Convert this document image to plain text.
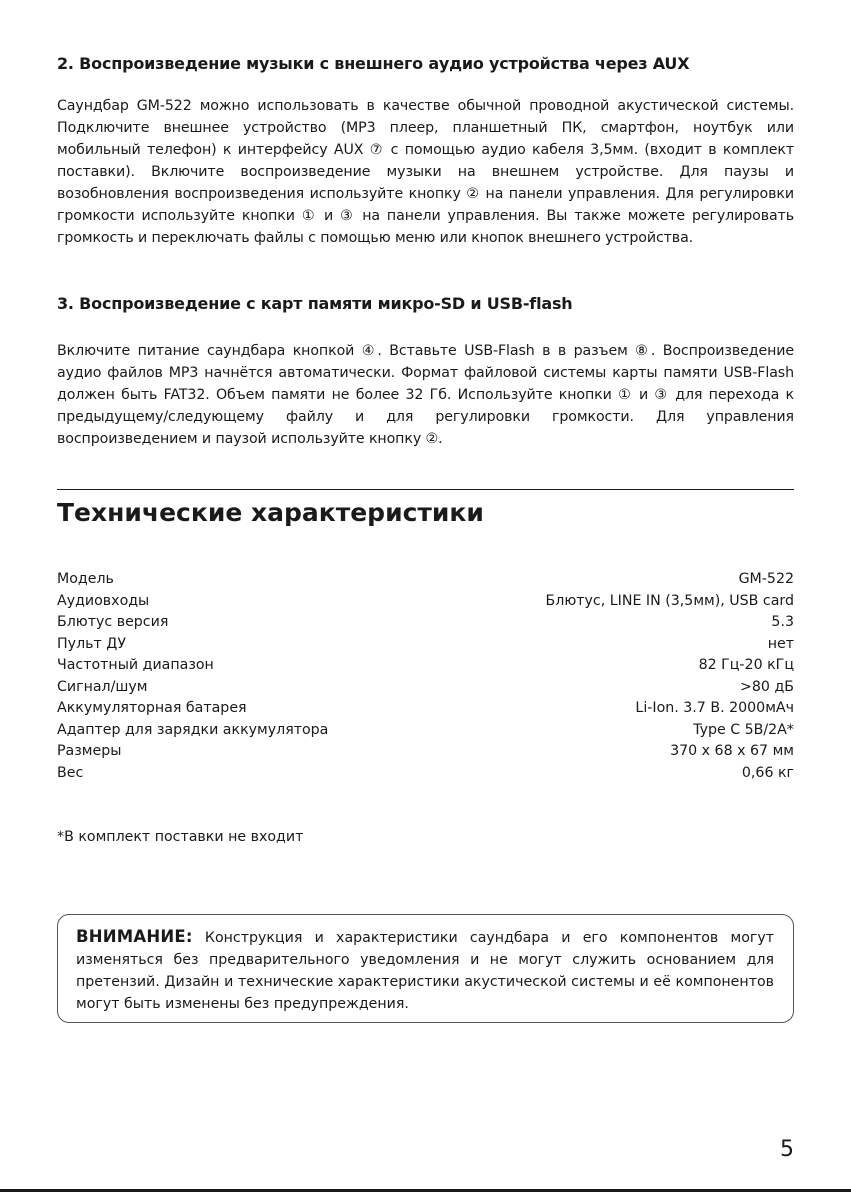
2. Воспроизведение музыки с внешнего аудио устройства через AUX
Саундбар GM-522 можно использовать в качестве обычной проводной акустической системы. Подключите внешнее устройство (MP3 плеер, планшетный ПК, смартфон, ноутбук или мобильный телефон) к интерфейсу AUX ⑦ с помощью аудио кабеля 3,5мм. (входит в комплект поставки). Включите воспроизведение музыки на внешнем устройстве. Для паузы и возобновления воспроизведения используйте кнопку ② на панели управления. Для регулировки громкости используйте кнопки ① и ③ на панели управления. Вы также можете регулировать громкость и переключать файлы с помощью меню или кнопок внешнего устройства.
3. Воспроизведение с карт памяти микро-SD и USB-flash
Включите питание саундбара кнопкой ④. Вставьте USB-Flash в в разъем ⑧. Воспроизведение аудио файлов MP3 начнётся автоматически. Формат файловой системы карты памяти USB-Flash должен быть FAT32. Объем памяти не более 32 Гб. Используйте кнопки ① и ③ для перехода к предыдущему/следующему файлу и для регулировки громкости. Для управления воспроизведением и паузой используйте кнопку ②.
Технические характеристики
Модель	GM-522
Аудиовходы	Блютус, LINE IN (3,5мм), USB card
Блютус версия	5.3
Пульт ДУ	нет
Частотный диапазон	82 Гц-20 кГц
Сигнал/шум	>80 дБ
Аккумуляторная батарея	Li-Ion. 3.7 В. 2000мАч
Адаптер для зарядки аккумулятора	Type C 5В/2А*
Размеры	370 х 68 х 67 мм
Вес	0,66 кг
*В комплект поставки не входит
ВНИМАНИЕ: Конструкция и характеристики саундбара и его компонентов могут изменяться без предварительного уведомления и не могут служить основанием для претензий. Дизайн и технические характеристики акустической системы и её компонентов могут быть изменены без предупреждения.
5
